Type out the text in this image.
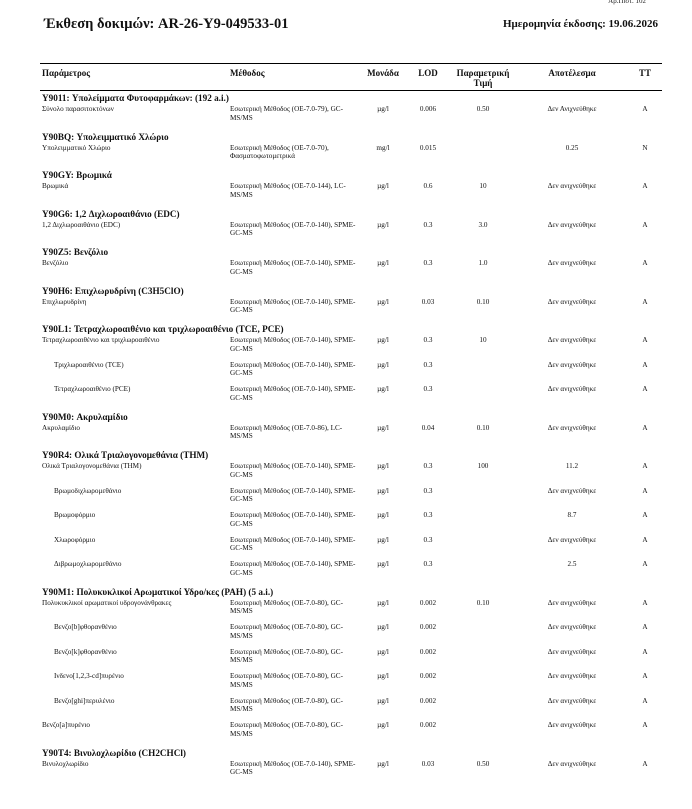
Αρ.Πιστ. 102
Έκθεση δοκιμών: AR-26-Y9-049533-01	Ημερομηνία έκδοσης: 19.06.2026
Παράμετρος	Μέθοδος	Μονάδα	LOD	Παραμετρική Τιμή	Αποτέλεσμα	ΤΤ
Y9011: Υπολείμματα Φυτοφαρμάκων: (192 a.i.)						
Σύνολο παρασιτοκτόνων	Εσωτερική Μέθοδος (ΟΕ-7.0-79), GC-MS/MS	µg/l	0.006	0.50	Δεν Ανιχνεύθηκε	A
Y90BQ: Υπολειμματικό Χλώριο						
Υπολειμματικό Χλώριο	Εσωτερική Μέθοδος (ΟΕ-7.0-70), Φασματοφωτομετρικά	mg/l	0.015		0.25	N
Y90GY: Βρωμικά						
Βρωμικά	Εσωτερική Μέθοδος (ΟΕ-7.0-144), LC-MS/MS	µg/l	0.6	10	Δεν ανιχνεύθηκε	A
Y90G6: 1,2 Διχλωροαιθάνιο (EDC)						
1,2 Διχλωροαιθάνιο (EDC)	Εσωτερική Μέθοδος (ΟΕ-7.0-140), SPME-GC-MS	µg/l	0.3	3.0	Δεν ανιχνεύθηκε	A
Y90Z5: Βενζόλιο						
Βενζόλιο	Εσωτερική Μέθοδος (ΟΕ-7.0-140), SPME-GC-MS	µg/l	0.3	1.0	Δεν ανιχνεύθηκε	A
Y90H6: Επιχλωρυδρίνη (C3H5ClO)						
Επιχλωρυδρίνη	Εσωτερική Μέθοδος (ΟΕ-7.0-140), SPME-GC-MS	µg/l	0.03	0.10	Δεν ανιχνεύθηκε	A
Y90L1: Τετραχλωροαιθένιο και τριχλωροαιθένιο (TCE, PCE)						
Τετραχλωροαιθένιο και τριχλωροαιθένιο	Εσωτερική Μέθοδος (ΟΕ-7.0-140), SPME-GC-MS	µg/l	0.3	10	Δεν ανιχνεύθηκε	A
Τριχλωροαιθένιο (TCE)	Εσωτερική Μέθοδος (ΟΕ-7.0-140), SPME-GC-MS	µg/l	0.3		Δεν ανιχνεύθηκε	A
Τετραχλωροαιθένιο (PCE)	Εσωτερική Μέθοδος (ΟΕ-7.0-140), SPME-GC-MS	µg/l	0.3		Δεν ανιχνεύθηκε	A
Y90M0: Ακρυλαμίδιο						
Ακρυλαμίδιο	Εσωτερική Μέθοδος (ΟΕ-7.0-86), LC-MS/MS	µg/l	0.04	0.10	Δεν ανιχνεύθηκε	A
Y90R4: Ολικά Τριαλογονομεθάνια (THM)						
Ολικά Τριαλογονομεθάνια (THM)	Εσωτερική Μέθοδος (ΟΕ-7.0-140), SPME-GC-MS	µg/l	0.3	100	11.2	A
Βρωμοδιχλωρομεθάνιο	Εσωτερική Μέθοδος (ΟΕ-7.0-140), SPME-GC-MS	µg/l	0.3		Δεν ανιχνεύθηκε	A
Βρωμοφόρμιο	Εσωτερική Μέθοδος (ΟΕ-7.0-140), SPME-GC-MS	µg/l	0.3		8.7	A
Χλωροφόρμιο	Εσωτερική Μέθοδος (ΟΕ-7.0-140), SPME-GC-MS	µg/l	0.3		Δεν ανιχνεύθηκε	A
Διβρωμοχλωρομεθάνιο	Εσωτερική Μέθοδος (ΟΕ-7.0-140), SPME-GC-MS	µg/l	0.3		2.5	A
Y90M1: Πολυκυκλικοί Αρωματικοί Υδρο/κες (PAH) (5 a.i.)						
Πολυκυκλικοί αρωματικοί υδρογονάνθρακες	Εσωτερική Μέθοδος (ΟΕ-7.0-80), GC-MS/MS	µg/l	0.002	0.10	Δεν ανιχνεύθηκε	A
Βενζο[b]φθορανθένιο	Εσωτερική Μέθοδος (ΟΕ-7.0-80), GC-MS/MS	µg/l	0.002		Δεν ανιχνεύθηκε	A
Βενζο[k]φθορανθένιο	Εσωτερική Μέθοδος (ΟΕ-7.0-80), GC-MS/MS	µg/l	0.002		Δεν ανιχνεύθηκε	A
Ινδενο[1,2,3-cd]πυρένιο	Εσωτερική Μέθοδος (ΟΕ-7.0-80), GC-MS/MS	µg/l	0.002		Δεν ανιχνεύθηκε	A
Βενζο[ghi]περυλένιο	Εσωτερική Μέθοδος (ΟΕ-7.0-80), GC-MS/MS	µg/l	0.002		Δεν ανιχνεύθηκε	A
Βενζο[a]πυρένιο	Εσωτερική Μέθοδος (ΟΕ-7.0-80), GC-MS/MS	µg/l	0.002		Δεν ανιχνεύθηκε	A
Y90T4: Βινυλοχλωρίδιο (CH2CHCl)						
Βινυλοχλωρίδιο	Εσωτερική Μέθοδος (ΟΕ-7.0-140), SPME-GC-MS	µg/l	0.03	0.50	Δεν ανιχνεύθηκε	A
